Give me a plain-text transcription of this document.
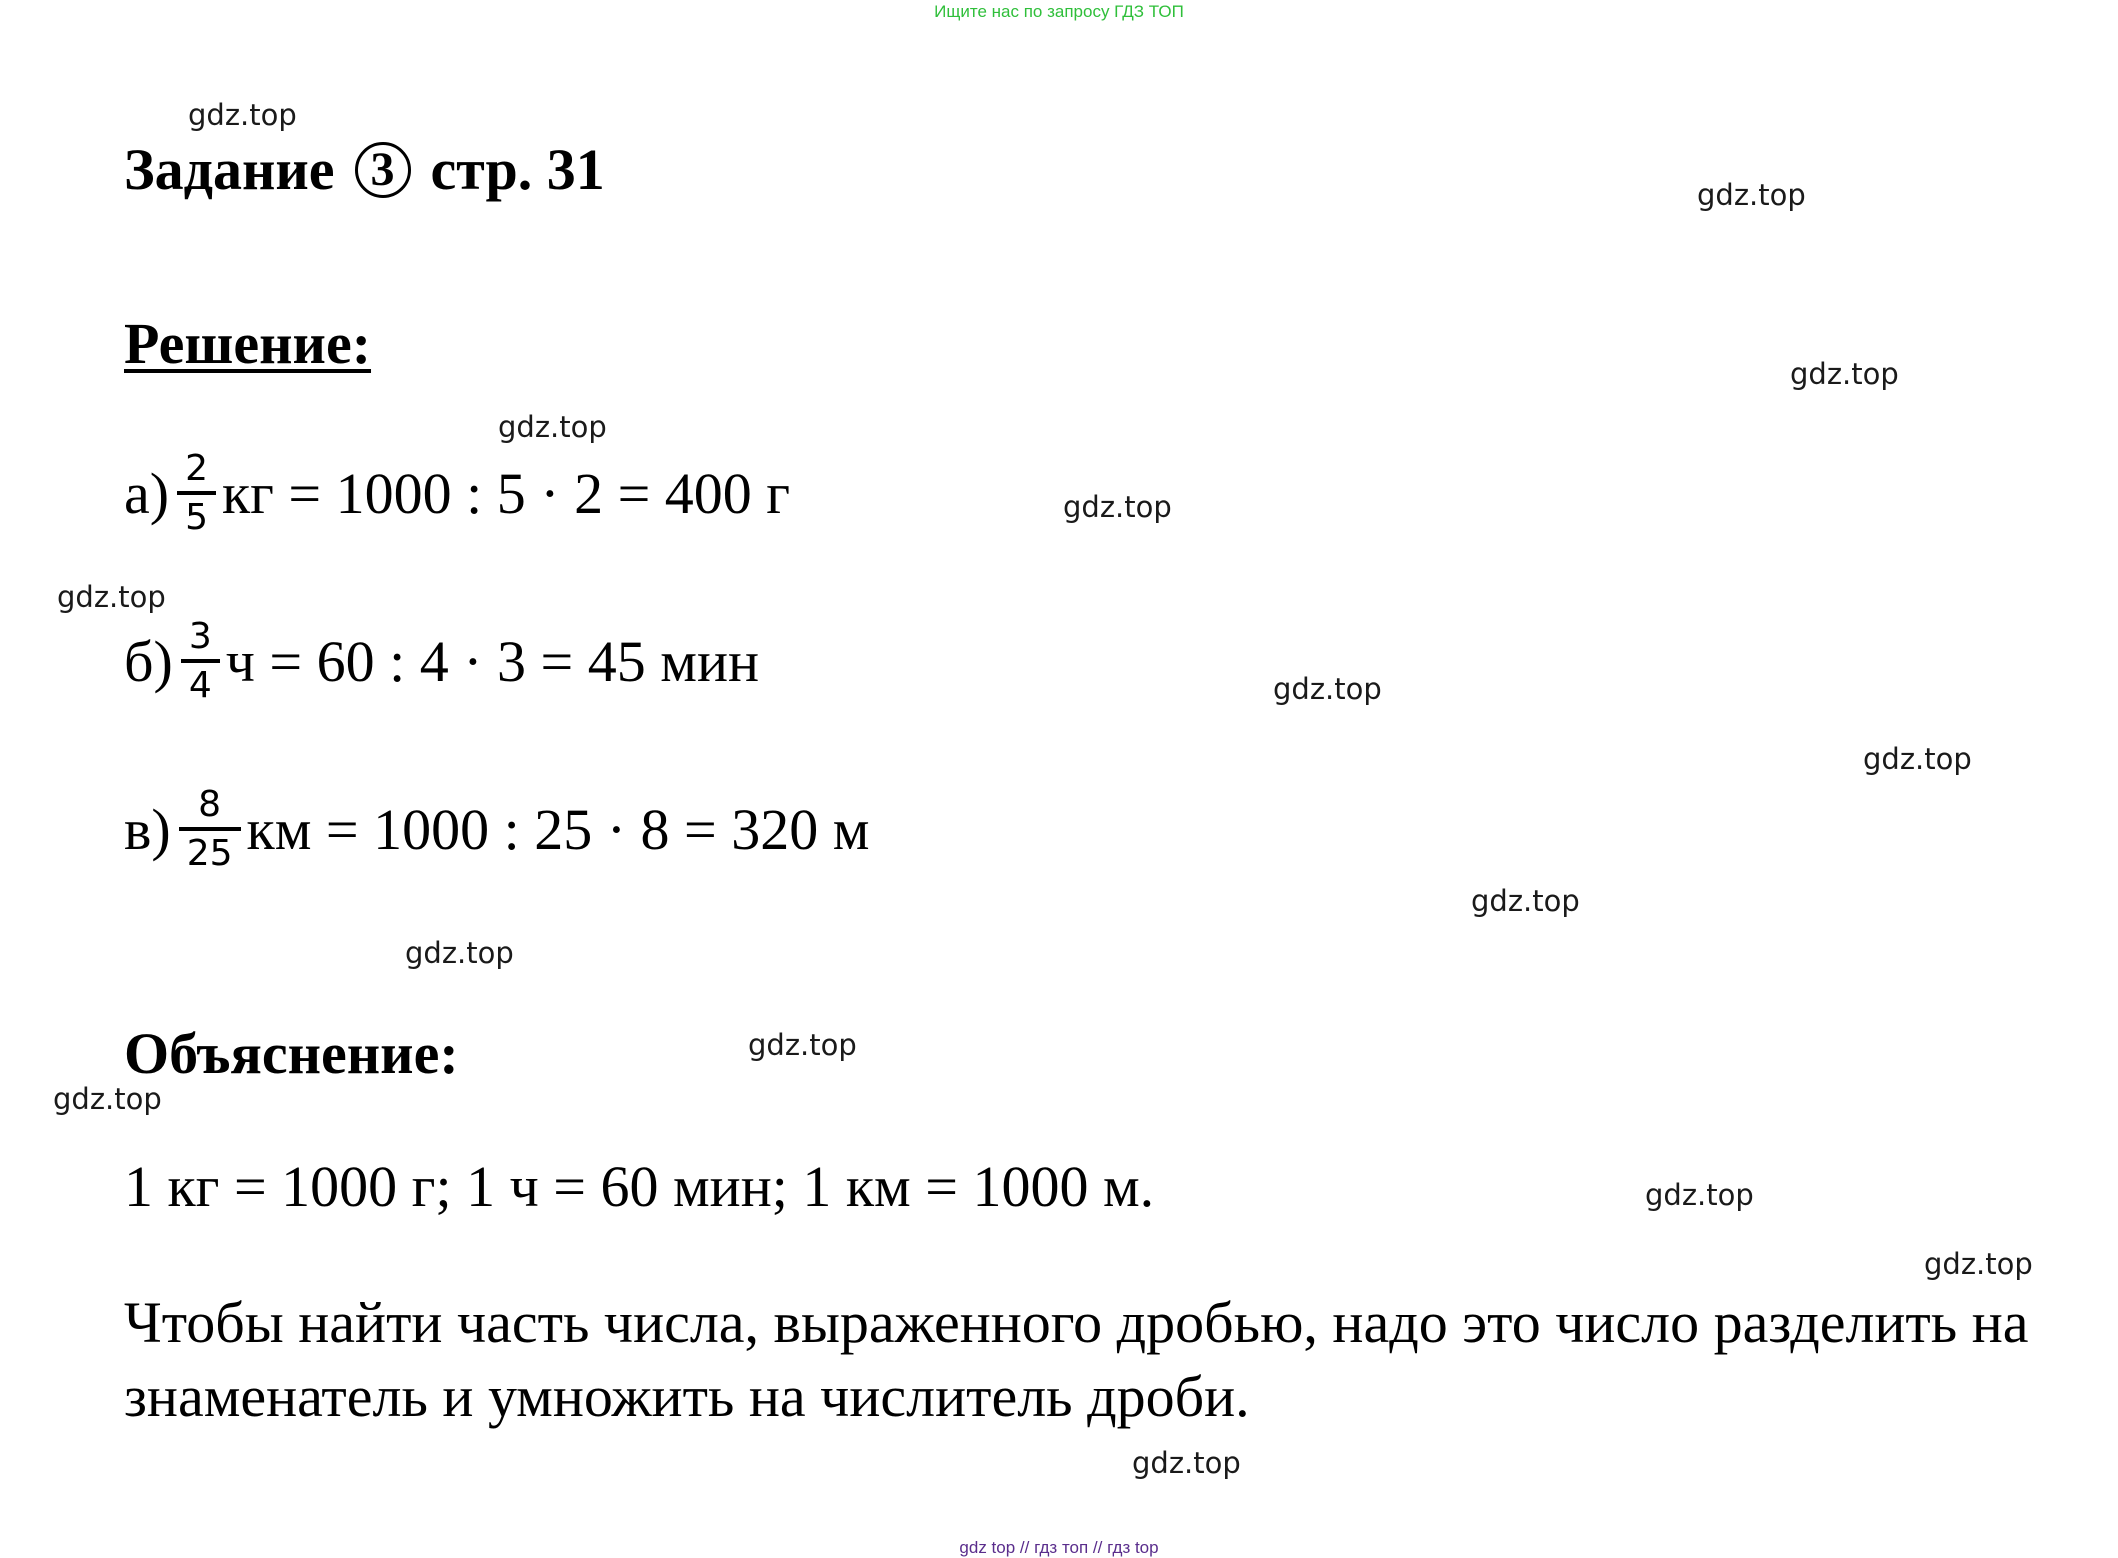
Ищите нас по запросу ГДЗ ТОП
gdz.top
gdz.top
gdz.top
gdz.top
gdz.top
gdz.top
gdz.top
gdz.top
gdz.top
gdz.top
gdz.top
gdz.top
gdz.top
gdz.top
gdz.top
Задание 3 стр. 31
Решение:
$а) \frac{2}{5}$ кг = 1000 : 5 · 2 = 400 г
$б) \frac{3}{4}$ ч = 60 : 4 · 3 = 45 мин
$в) \frac{8}{25}$ км = 1000 : 25 · 8 = 320 м
Объяснение:
1 кг = 1000 г; 1 ч = 60 мин; 1 км = 1000 м.
Чтобы найти часть числа, выраженного дробью, надо это число разделить на
знаменатель и умножить на числитель дроби.
gdz top // гдз топ // гдз top
